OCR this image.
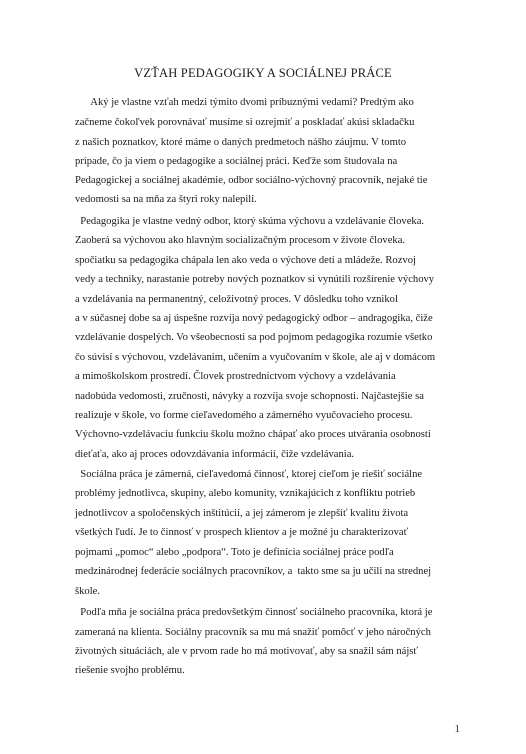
VZŤAH PEDAGOGIKY A SOCIÁLNEJ PRÁCE
Aký je vlastne vzťah medzi týmito dvomi príbuznými vedami? Predtým ako
začneme čokoľvek porovnávať musíme si ozrejmiť a poskladať akúsi skladačku
z našich poznatkov, ktoré máme o daných predmetoch nášho záujmu. V tomto
prípade, čo ja viem o pedagogike a sociálnej práci. Keďže som študovala na
Pedagogickej a sociálnej akadémie, odbor sociálno-výchovný pracovník, nejaké tie
vedomosti sa na mňa za štyri roky nalepili.
Pedagogika je vlastne vedný odbor, ktorý skúma výchovu a vzdelávanie človeka.
Zaoberá sa výchovou ako hlavným socializačným procesom v živote človeka.
spočiatku sa pedagogika chápala len ako veda o výchove detí a mládeže. Rozvoj
vedy a techniky, narastanie potreby nových poznatkov si vynútili rozšírenie výchovy
a vzdelávania na permanentný, celoživotný proces. V dôsledku toho vznikol
a v súčasnej dobe sa aj úspešne rozvíja nový pedagogický odbor – andragogika, čiže
vzdelávanie dospelých. Vo všeobecnosti sa pod pojmom pedagogika rozumie všetko
čo súvisí s výchovou, vzdelávaním, učením a vyučovaním v škole, ale aj v domácom
a mimoškolskom prostredí. Človek prostredníctvom výchovy a vzdelávania
nadobúda vedomosti, zručnosti, návyky a rozvíja svoje schopnosti. Najčastejšie sa
realizuje v škole, vo forme cieľavedomého a zámerného vyučovacieho procesu.
Výchovno-vzdelávaciu funkciu školu možno chápať ako proces utvárania osobnosti
dieťaťa, ako aj proces odovzdávania informácií, čiže vzdelávania.
Sociálna práca je zámerná, cieľavedomá činnosť, ktorej cieľom je riešiť sociálne
problémy jednotlivca, skupiny, alebo komunity, vznikajúcich z konfliktu potrieb
jednotlivcov a spoločenských inštitúcií, a jej zámerom je zlepšiť kvalitu života
všetkých ľudí. Je to činnosť v prospech klientov a je možné ju charakterizovať
pojmami „pomoc“ alebo „podpora“. Toto je definícia sociálnej práce podľa
medzinárodnej federácie sociálnych pracovníkov, a  takto sme sa ju učili na strednej
škole.
Podľa mňa je sociálna práca predovšetkým činnosť sociálneho pracovníka, ktorá je
zameraná na klienta. Sociálny pracovník sa mu má snažiť pomôcť v jeho náročných
životných situáciách, ale v prvom rade ho má motivovať, aby sa snažil sám nájsť
riešenie svojho problému.
1
